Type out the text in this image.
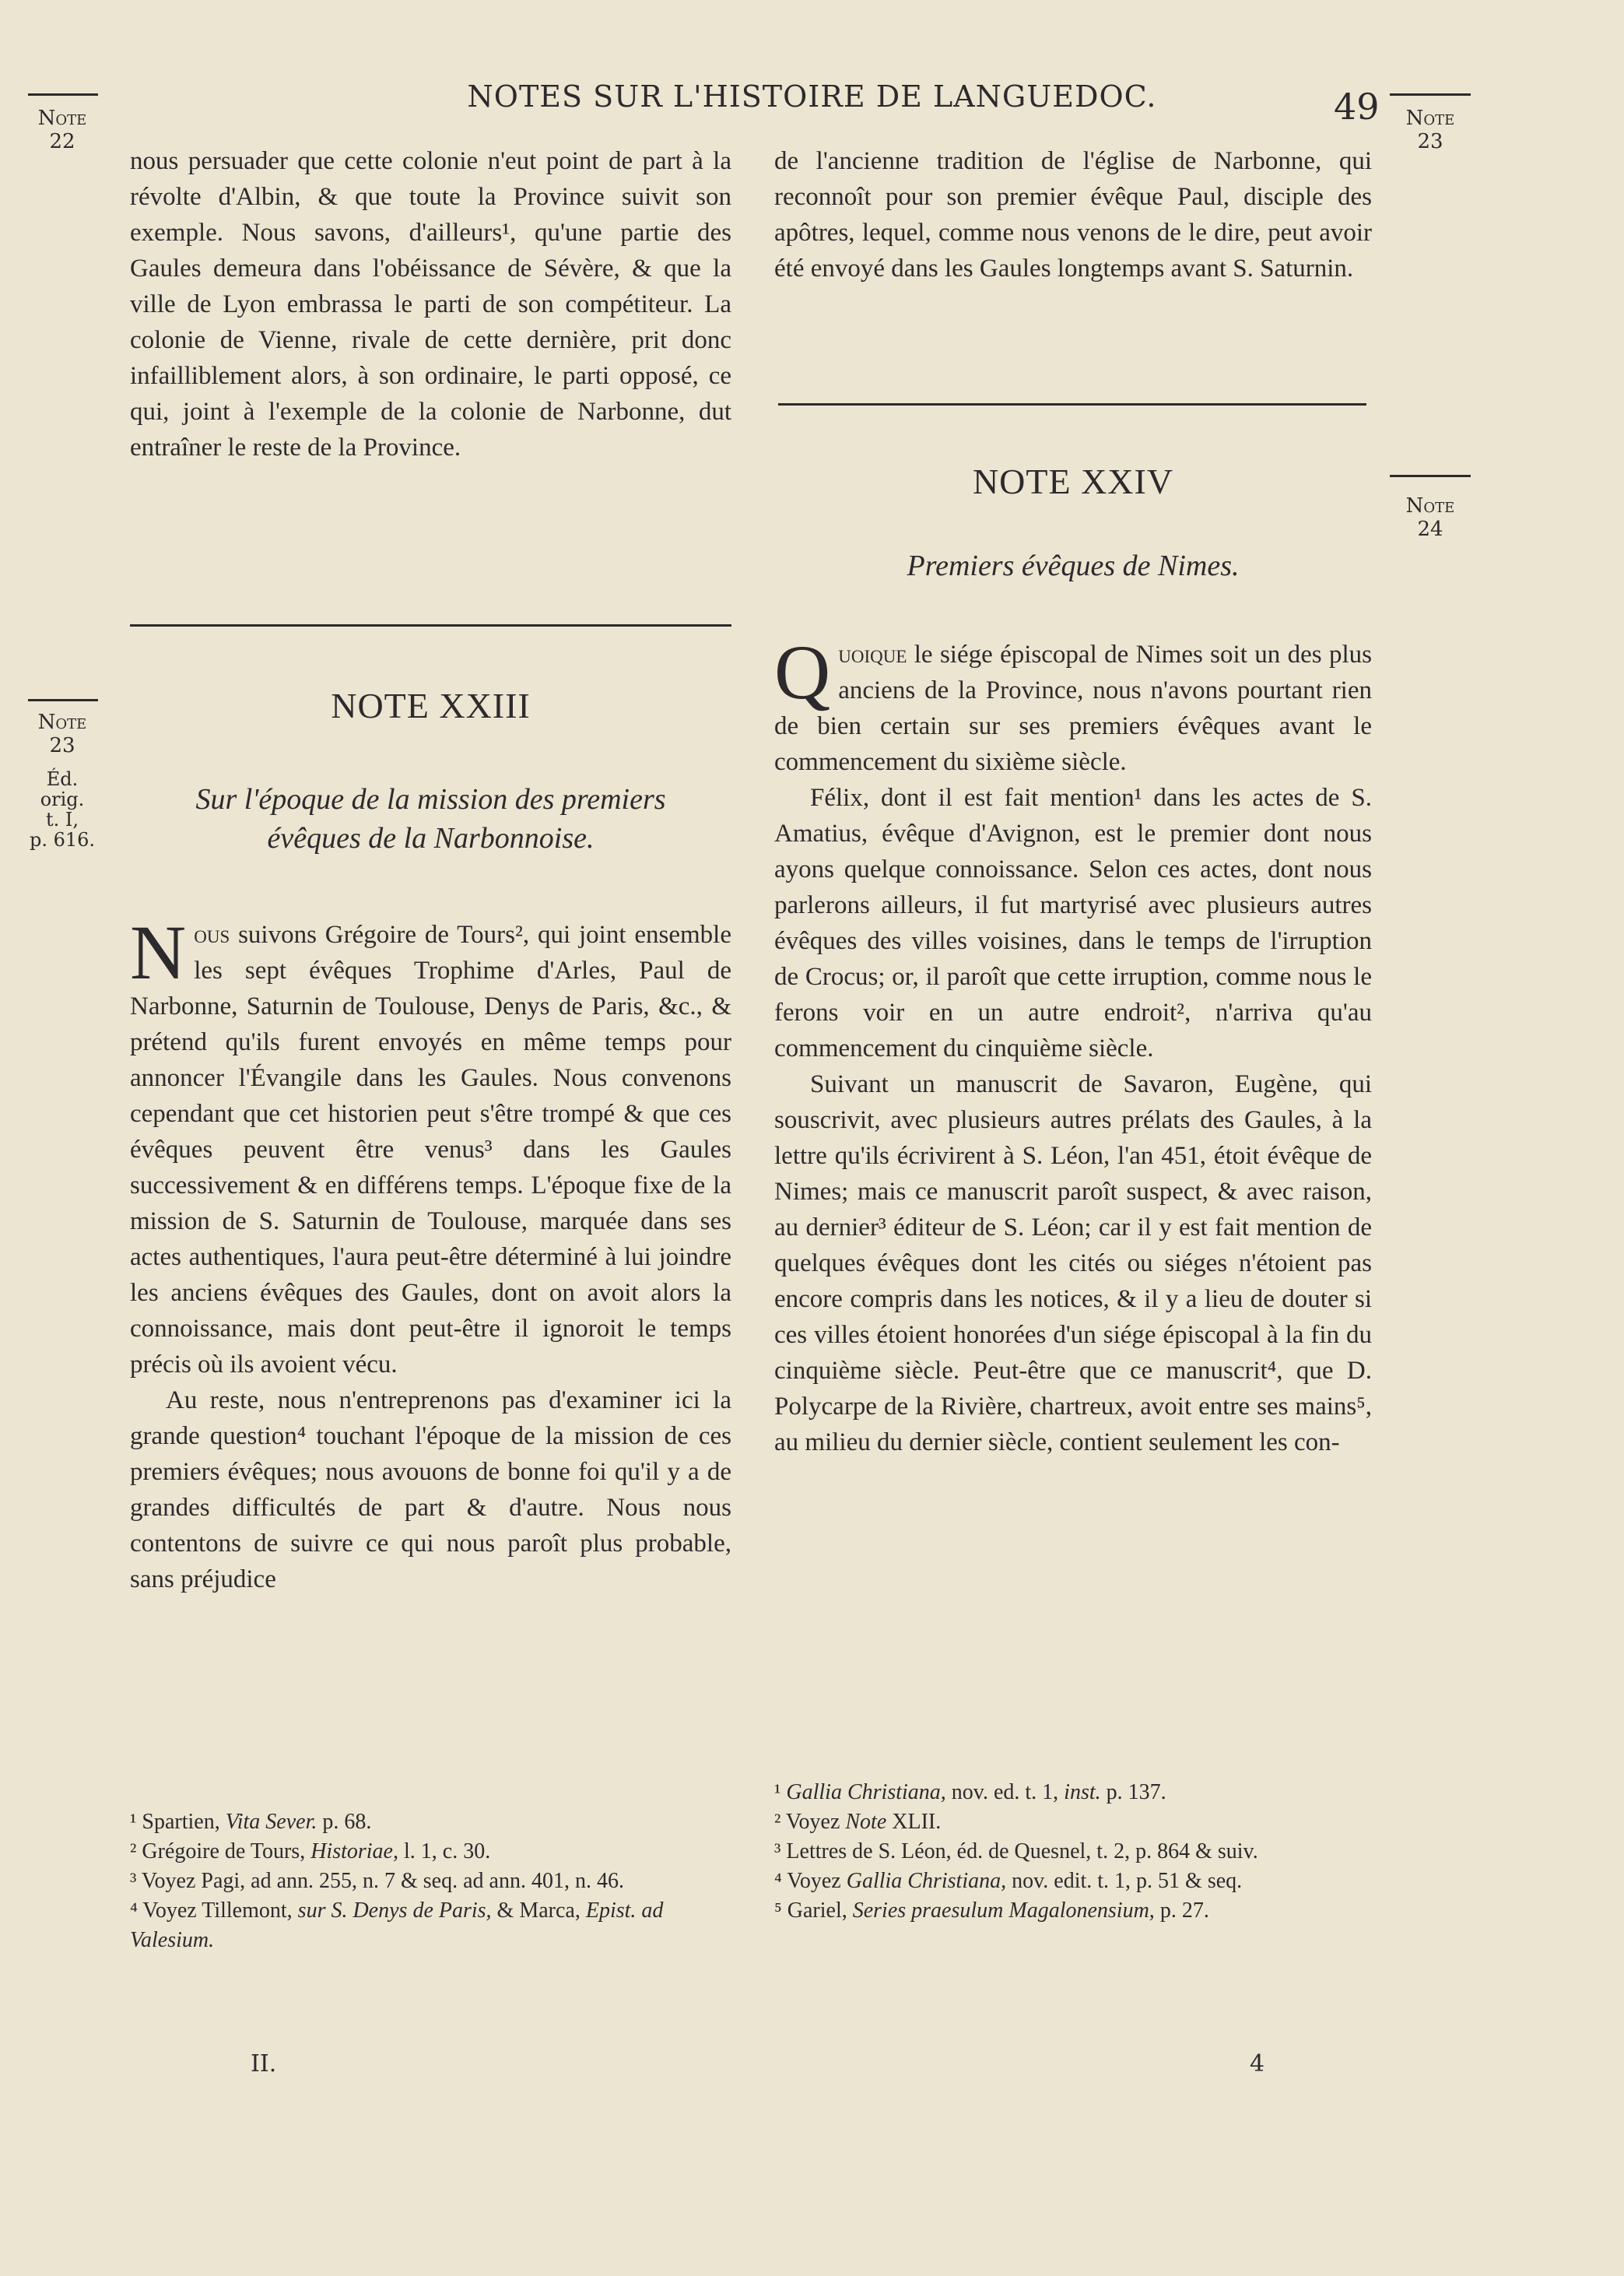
NOTES SUR L'HISTOIRE DE LANGUEDOC.	49
Note
22
Note
23
Éd. orig.
t. I,
p. 616.
Note
23
Note
24

nous persuader que cette colonie n'eut point de part à la révolte d'Albin, & que toute la Province suivit son exemple. Nous savons, d'ailleurs¹, qu'une partie des Gaules demeura dans l'obéissance de Sévère, & que la ville de Lyon embrassa le parti de son compétiteur. La colonie de Vienne, rivale de cette dernière, prit donc infailliblement alors, à son ordinaire, le parti opposé, ce qui, joint à l'exemple de la colonie de Narbonne, dut entraîner le reste de la Province.

NOTE XXIII
Sur l'époque de la mission des premiers
évêques de la Narbonnoise.

Nous suivons Grégoire de Tours², qui joint ensemble les sept évêques Trophime d'Arles, Paul de Narbonne, Saturnin de Toulouse, Denys de Paris, &c., & prétend qu'ils furent envoyés en même temps pour annoncer l'Évangile dans les Gaules. Nous convenons cependant que cet historien peut s'être trompé & que ces évêques peuvent être venus³ dans les Gaules successivement & en différens temps. L'époque fixe de la mission de S. Saturnin de Toulouse, marquée dans ses actes authentiques, l'aura peut-être déterminé à lui joindre les anciens évêques des Gaules, dont on avoit alors la connoissance, mais dont peut-être il ignoroit le temps précis où ils avoient vécu.

Au reste, nous n'entreprenons pas d'examiner ici la grande question⁴ touchant l'époque de la mission de ces premiers évêques; nous avouons de bonne foi qu'il y a de grandes difficultés de part & d'autre. Nous nous contentons de suivre ce qui nous paroît plus probable, sans préjudice

¹ Spartien, Vita Sever. p. 68.

² Grégoire de Tours, Historiae, l. 1, c. 30.

³ Voyez Pagi, ad ann. 255, n. 7 & seq. ad ann. 401, n. 46.

⁴ Voyez Tillemont, sur S. Denys de Paris, & Marca, Epist. ad Valesium.

II.

de l'ancienne tradition de l'église de Narbonne, qui reconnoît pour son premier évêque Paul, disciple des apôtres, lequel, comme nous venons de le dire, peut avoir été envoyé dans les Gaules longtemps avant S. Saturnin.

NOTE XXIV
Premiers évêques de Nimes.

Quoique le siége épiscopal de Nimes soit un des plus anciens de la Province, nous n'avons pourtant rien de bien certain sur ses premiers évêques avant le commencement du sixième siècle.

Félix, dont il est fait mention¹ dans les actes de S. Amatius, évêque d'Avignon, est le premier dont nous ayons quelque connoissance. Selon ces actes, dont nous parlerons ailleurs, il fut martyrisé avec plusieurs autres évêques des villes voisines, dans le temps de l'irruption de Crocus; or, il paroît que cette irruption, comme nous le ferons voir en un autre endroit², n'arriva qu'au commencement du cinquième siècle.

Suivant un manuscrit de Savaron, Eugène, qui souscrivit, avec plusieurs autres prélats des Gaules, à la lettre qu'ils écrivirent à S. Léon, l'an 451, étoit évêque de Nimes; mais ce manuscrit paroît suspect, & avec raison, au dernier³ éditeur de S. Léon; car il y est fait mention de quelques évêques dont les cités ou siéges n'étoient pas encore compris dans les notices, & il y a lieu de douter si ces villes étoient honorées d'un siége épiscopal à la fin du cinquième siècle. Peut-être que ce manuscrit⁴, que D. Polycarpe de la Rivière, chartreux, avoit entre ses mains⁵, au milieu du dernier siècle, contient seulement les con-

¹ Gallia Christiana, nov. ed. t. 1, inst. p. 137.

² Voyez Note XLII.

³ Lettres de S. Léon, éd. de Quesnel, t. 2, p. 864 & suiv.

⁴ Voyez Gallia Christiana, nov. edit. t. 1, p. 51 & seq.

⁵ Gariel, Series praesulum Magalonensium, p. 27.

4
